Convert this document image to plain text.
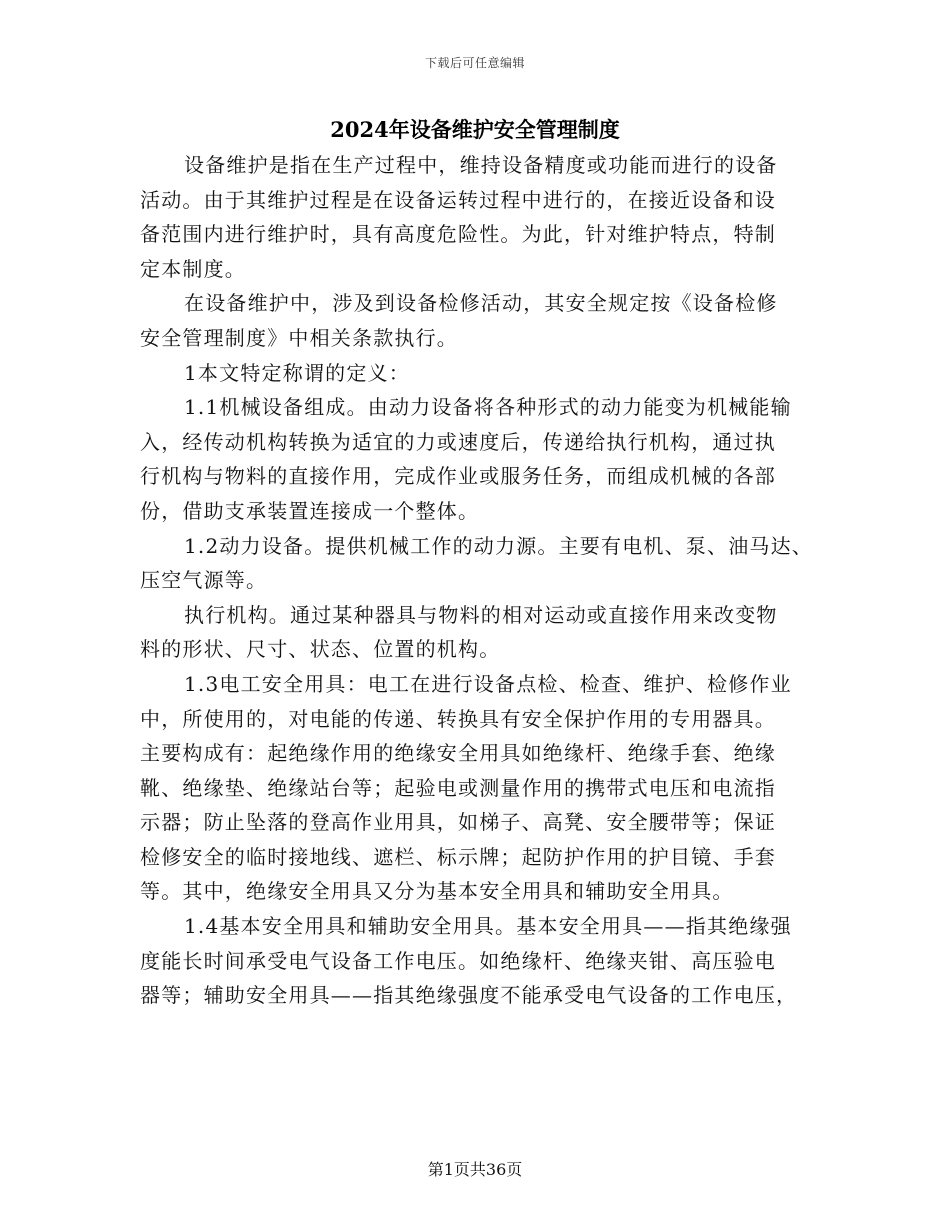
下载后可任意编辑
2024年设备维护安全管理制度
设备维护是指在生产过程中，维持设备精度或功能而进行的设备
活动。由于其维护过程是在设备运转过程中进行的，在接近设备和设
备范围内进行维护时，具有高度危险性。为此，针对维护特点，特制
定本制度。
在设备维护中，涉及到设备检修活动，其安全规定按《设备检修
安全管理制度》中相关条款执行。
1本文特定称谓的定义：
1.1机械设备组成。由动力设备将各种形式的动力能变为机械能输
入，经传动机构转换为适宜的力或速度后，传递给执行机构，通过执
行机构与物料的直接作用，完成作业或服务任务，而组成机械的各部
份，借助支承装置连接成一个整体。
1.2动力设备。提供机械工作的动力源。主要有电机、泵、油马达、
压空气源等。
执行机构。通过某种器具与物料的相对运动或直接作用来改变物
料的形状、尺寸、状态、位置的机构。
1.3电工安全用具：电工在进行设备点检、检查、维护、检修作业
中，所使用的，对电能的传递、转换具有安全保护作用的专用器具。
主要构成有：起绝缘作用的绝缘安全用具如绝缘杆、绝缘手套、绝缘
靴、绝缘垫、绝缘站台等；起验电或测量作用的携带式电压和电流指
示器；防止坠落的登高作业用具，如梯子、高凳、安全腰带等；保证
检修安全的临时接地线、遮栏、标示牌；起防护作用的护目镜、手套
等。其中，绝缘安全用具又分为基本安全用具和辅助安全用具。
1.4基本安全用具和辅助安全用具。基本安全用具——指其绝缘强
度能长时间承受电气设备工作电压。如绝缘杆、绝缘夹钳、高压验电
器等；辅助安全用具——指其绝缘强度不能承受电气设备的工作电压，
第1页共36页
